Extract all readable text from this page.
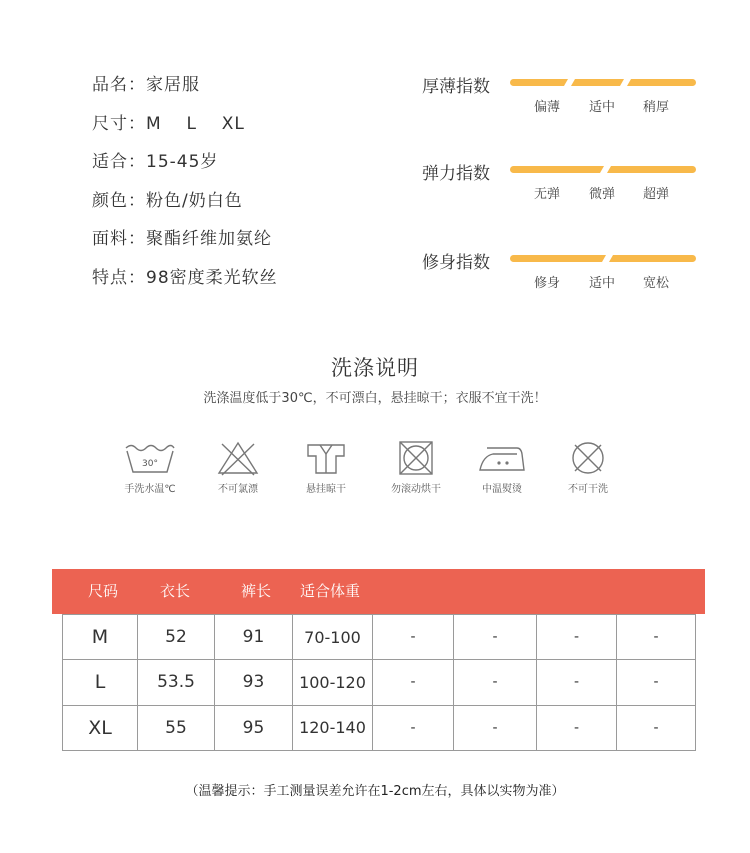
品名：家居服
尺寸：M  L  XL
适合：15-45岁
颜色：粉色/奶白色
面料：聚酯纤维加氨纶
特点：98密度柔光软丝
厚薄指数
偏薄 适中 稍厚
弹力指数
无弹 微弹 超弹
修身指数
修身 适中 宽松
洗涤说明
洗涤温度低于30℃，不可漂白，悬挂晾干；衣服不宜干洗！
30°
手洗水温℃	不可氯漂	悬挂晾干	勿滚动烘干	中温熨烫	不可干洗
尺码	衣长	裤长 适合体重
M	52	91	70-100	-	-	-	-
L	53.5	93	100-120	-	-	-	-
XL	55	95	120-140	-	-	-	-
（温馨提示：手工测量误差允许在1-2cm左右，具体以实物为准）
